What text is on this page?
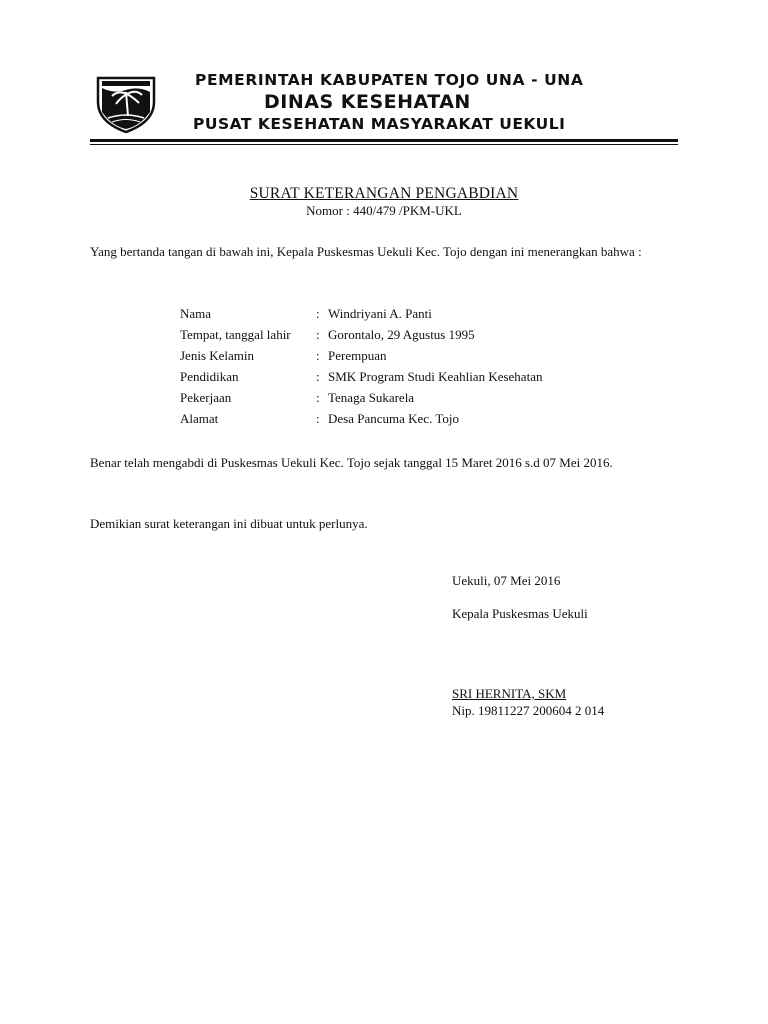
PEMERINTAH KABUPATEN TOJO UNA - UNA
DINAS KESEHATAN
PUSAT KESEHATAN MASYARAKAT UEKULI
SURAT KETERANGAN PENGABDIAN
Nomor : 440/479 /PKM-UKL
Yang bertanda tangan di bawah ini, Kepala Puskesmas Uekuli Kec. Tojo dengan ini menerangkan bahwa :
Nama	: Windriyani A. Panti
Tempat, tanggal lahir : Gorontalo, 29 Agustus 1995
Jenis Kelamin	: Perempuan
Pendidikan	: SMK Program Studi Keahlian Kesehatan
Pekerjaan	: Tenaga Sukarela
Alamat	: Desa Pancuma Kec. Tojo
Benar telah mengabdi di Puskesmas Uekuli Kec. Tojo sejak tanggal 15 Maret 2016 s.d 07 Mei 2016.
Demikian surat keterangan ini dibuat untuk perlunya.
Uekuli, 07 Mei 2016
Kepala Puskesmas Uekuli
SRI HERNITA, SKM
Nip. 19811227 200604 2 014
